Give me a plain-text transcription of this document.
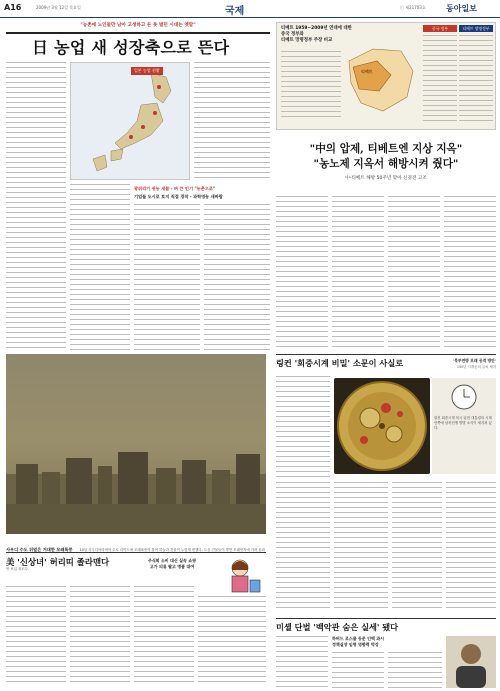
A16	2009년 3월 12일 목요일	국제	ⓒ 제21703호	동아일보
"농촌에 노인들만 남아 고생하고 돈 못 벌던 시대는 옛말"
日 농업 새 성장축으로 뜬다
일본 농업 현황
광쥐리기 귀농 새붐 - 벼 큰 인기 "농촌으로"
기업들 도시로 토지 직접 경작 - 과학영농 새바람
티베트 1959~2009년 연대에 대한
중국 정부와
티베트 망명정부 주장 비교
티베트
중국 정부	티베트 망명정부
"中의 압제, 티베트엔 지상 지옥"
"농노제 지옥서 해방시켜 줬다"
中-티베트 해방 50주년 맞아 신경전 고조
사우디 수도 뒤덮은 거대한 모래폭풍 10일 사우디아라비아 수도 리야드에 모래폭풍이 불어 하늘과 건물이 누렇게 변했다. 도심 건물들이 뿌연 모래먼지에 가려 윤곽만 보일 정도다.
링컨 '회중시계 비밀' 소문이 사실로	'북부연방 모래 공격 방안'
150년 시계공의 글씨 새겨
링컨 회중시계 미국 링컨 대통령의 시계 안쪽에 남북전쟁 발발 소식이 새겨져 있다.
美 '신상녀' 허리띠 졸라맨다	주식회 소비 대신 실속 쇼핑
고가 의류 팔고 명품 대여
미셸 단벌 '백악관 숨은 실세' 됐다
하버드 로스쿨 동문 인맥 과시
정책실장 임명 영향력 막강
